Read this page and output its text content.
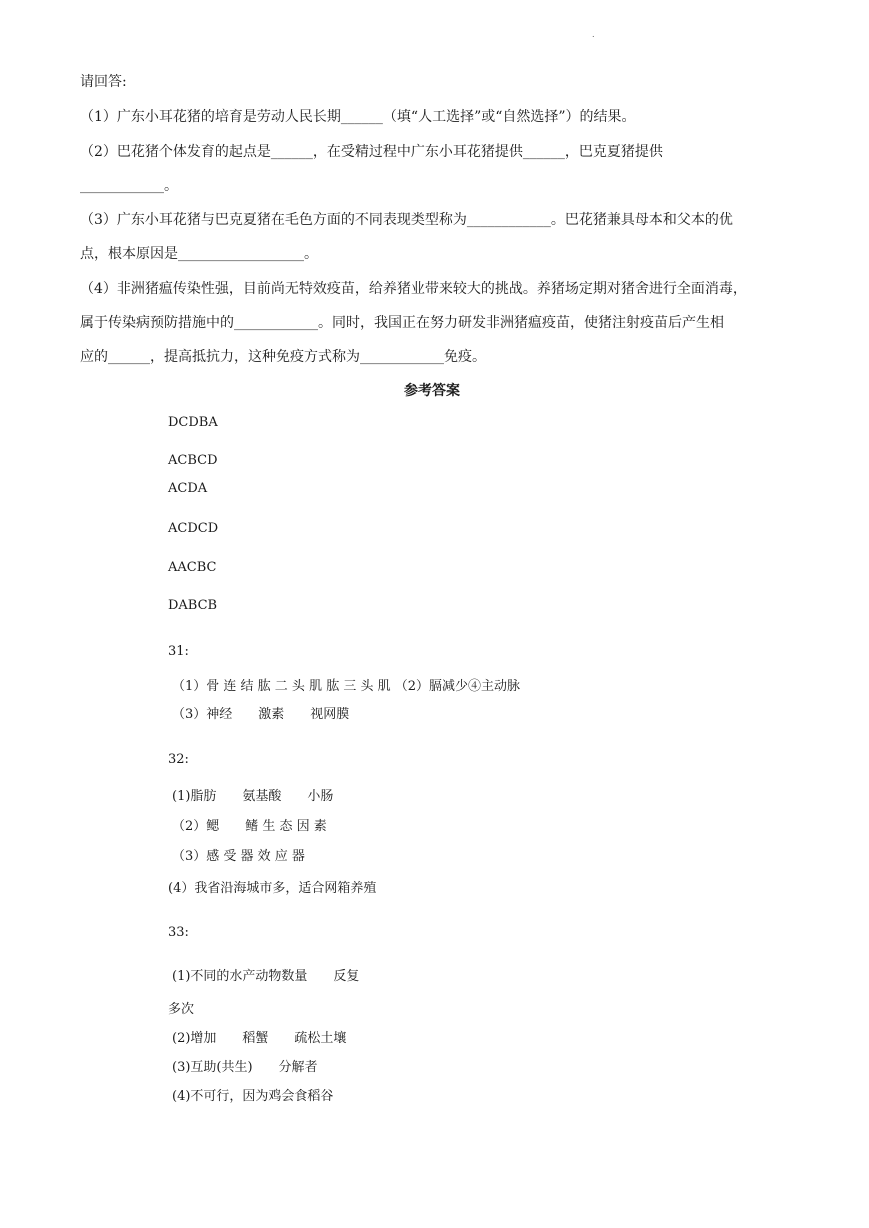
.
请回答:
（1）广东小耳花猪的培育是劳动人民长期______（填“人工选择”或“自然选择”）的结果。
（2）巴花猪个体发育的起点是______，在受精过程中广东小耳花猪提供______，巴克夏猪提供
____________。
（3）广东小耳花猪与巴克夏猪在毛色方面的不同表现类型称为____________。巴花猪兼具母本和父本的优
点，根本原因是__________________。
（4）非洲猪瘟传染性强，目前尚无特效疫苗，给养猪业带来较大的挑战。养猪场定期对猪舍进行全面消毒，
属于传染病预防措施中的____________。同时，我国正在努力研发非洲猪瘟疫苗，使猪注射疫苗后产生相
应的______，提高抵抗力，这种免疫方式称为____________免疫。
参考答案
DCDBA
ACBCD
ACDA
ACDCD
AACBC
DABCB
31:
（1）骨 连 结 肱 二 头 肌 肱 三 头 肌 （2）膈减少④主动脉
（3）神经　　激素　　视网膜
32:
(1)脂肪　　氨基酸　　小肠
（2）鳃　　鳍 生 态 因 素
（3）感 受 器 效 应 器
(4）我省沿海城市多，适合网箱养殖
33:
(1)不同的水产动物数量　　反复
多次
(2)增加　　稻蟹　　疏松土壤
(3)互助(共生)　　分解者
(4)不可行，因为鸡会食稻谷
